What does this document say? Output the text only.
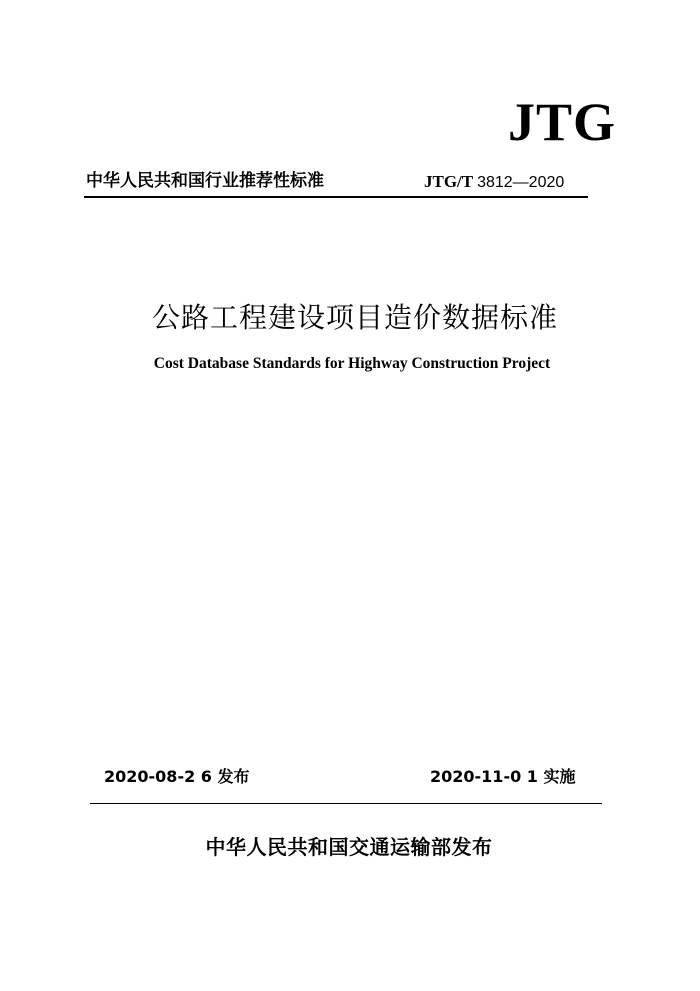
JTG
中华人民共和国行业推荐性标准	JTG/T 3812—2020
公路工程建设项目造价数据标准
Cost Database Standards for Highway Construction Project
2020-08-2 6 发布	2020-11-0 1 实施
中华人民共和国交通运输部发布
